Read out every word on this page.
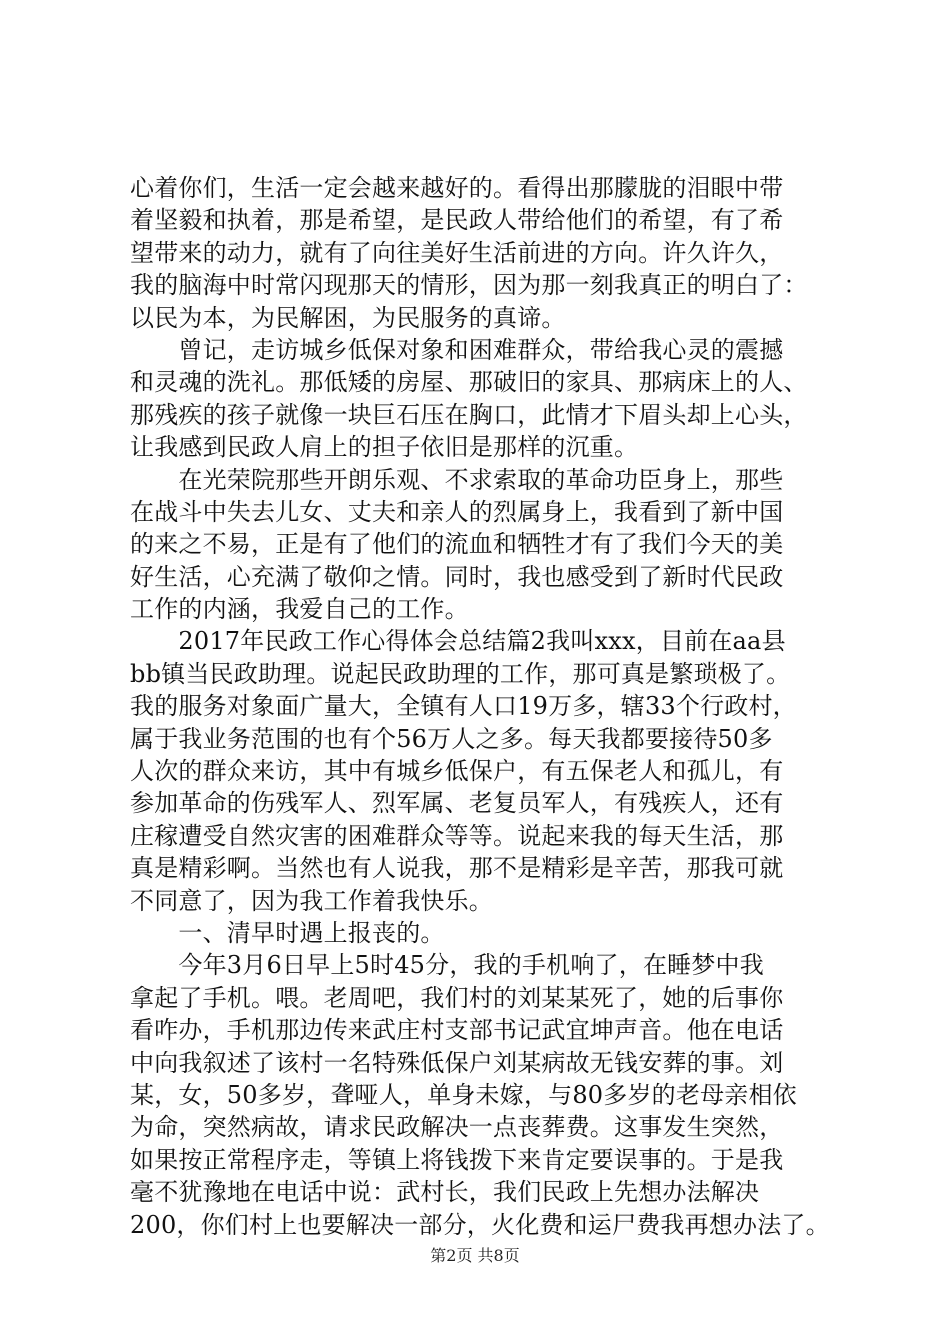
心着你们，生活一定会越来越好的。看得出那朦胧的泪眼中带
着坚毅和执着，那是希望，是民政人带给他们的希望，有了希
望带来的动力，就有了向往美好生活前进的方向。许久许久，
我的脑海中时常闪现那天的情形，因为那一刻我真正的明白了：
以民为本，为民解困，为民服务的真谛。
　　曾记，走访城乡低保对象和困难群众，带给我心灵的震撼
和灵魂的洗礼。那低矮的房屋、那破旧的家具、那病床上的人、
那残疾的孩子就像一块巨石压在胸口，此情才下眉头却上心头，
让我感到民政人肩上的担子依旧是那样的沉重。
　　在光荣院那些开朗乐观、不求索取的革命功臣身上，那些
在战斗中失去儿女、丈夫和亲人的烈属身上，我看到了新中国
的来之不易，正是有了他们的流血和牺牲才有了我们今天的美
好生活，心充满了敬仰之情。同时，我也感受到了新时代民政
工作的内涵，我爱自己的工作。
　　2017年民政工作心得体会总结篇2我叫xxx，目前在aa县
bb镇当民政助理。说起民政助理的工作，那可真是繁琐极了。
我的服务对象面广量大，全镇有人口19万多，辖33个行政村，
属于我业务范围的也有个56万人之多。每天我都要接待50多
人次的群众来访，其中有城乡低保户，有五保老人和孤儿，有
参加革命的伤残军人、烈军属、老复员军人，有残疾人，还有
庄稼遭受自然灾害的困难群众等等。说起来我的每天生活，那
真是精彩啊。当然也有人说我，那不是精彩是辛苦，那我可就
不同意了，因为我工作着我快乐。
　　一、清早时遇上报丧的。
　　今年3月6日早上5时45分，我的手机响了，在睡梦中我
拿起了手机。喂。老周吧，我们村的刘某某死了，她的后事你
看咋办，手机那边传来武庄村支部书记武宜坤声音。他在电话
中向我叙述了该村一名特殊低保户刘某病故无钱安葬的事。刘
某，女，50多岁，聋哑人，单身未嫁，与80多岁的老母亲相依
为命，突然病故，请求民政解决一点丧葬费。这事发生突然，
如果按正常程序走，等镇上将钱拨下来肯定要误事的。于是我
毫不犹豫地在电话中说：武村长，我们民政上先想办法解决
200，你们村上也要解决一部分，火化费和运尸费我再想办法了。
第2页 共8页
